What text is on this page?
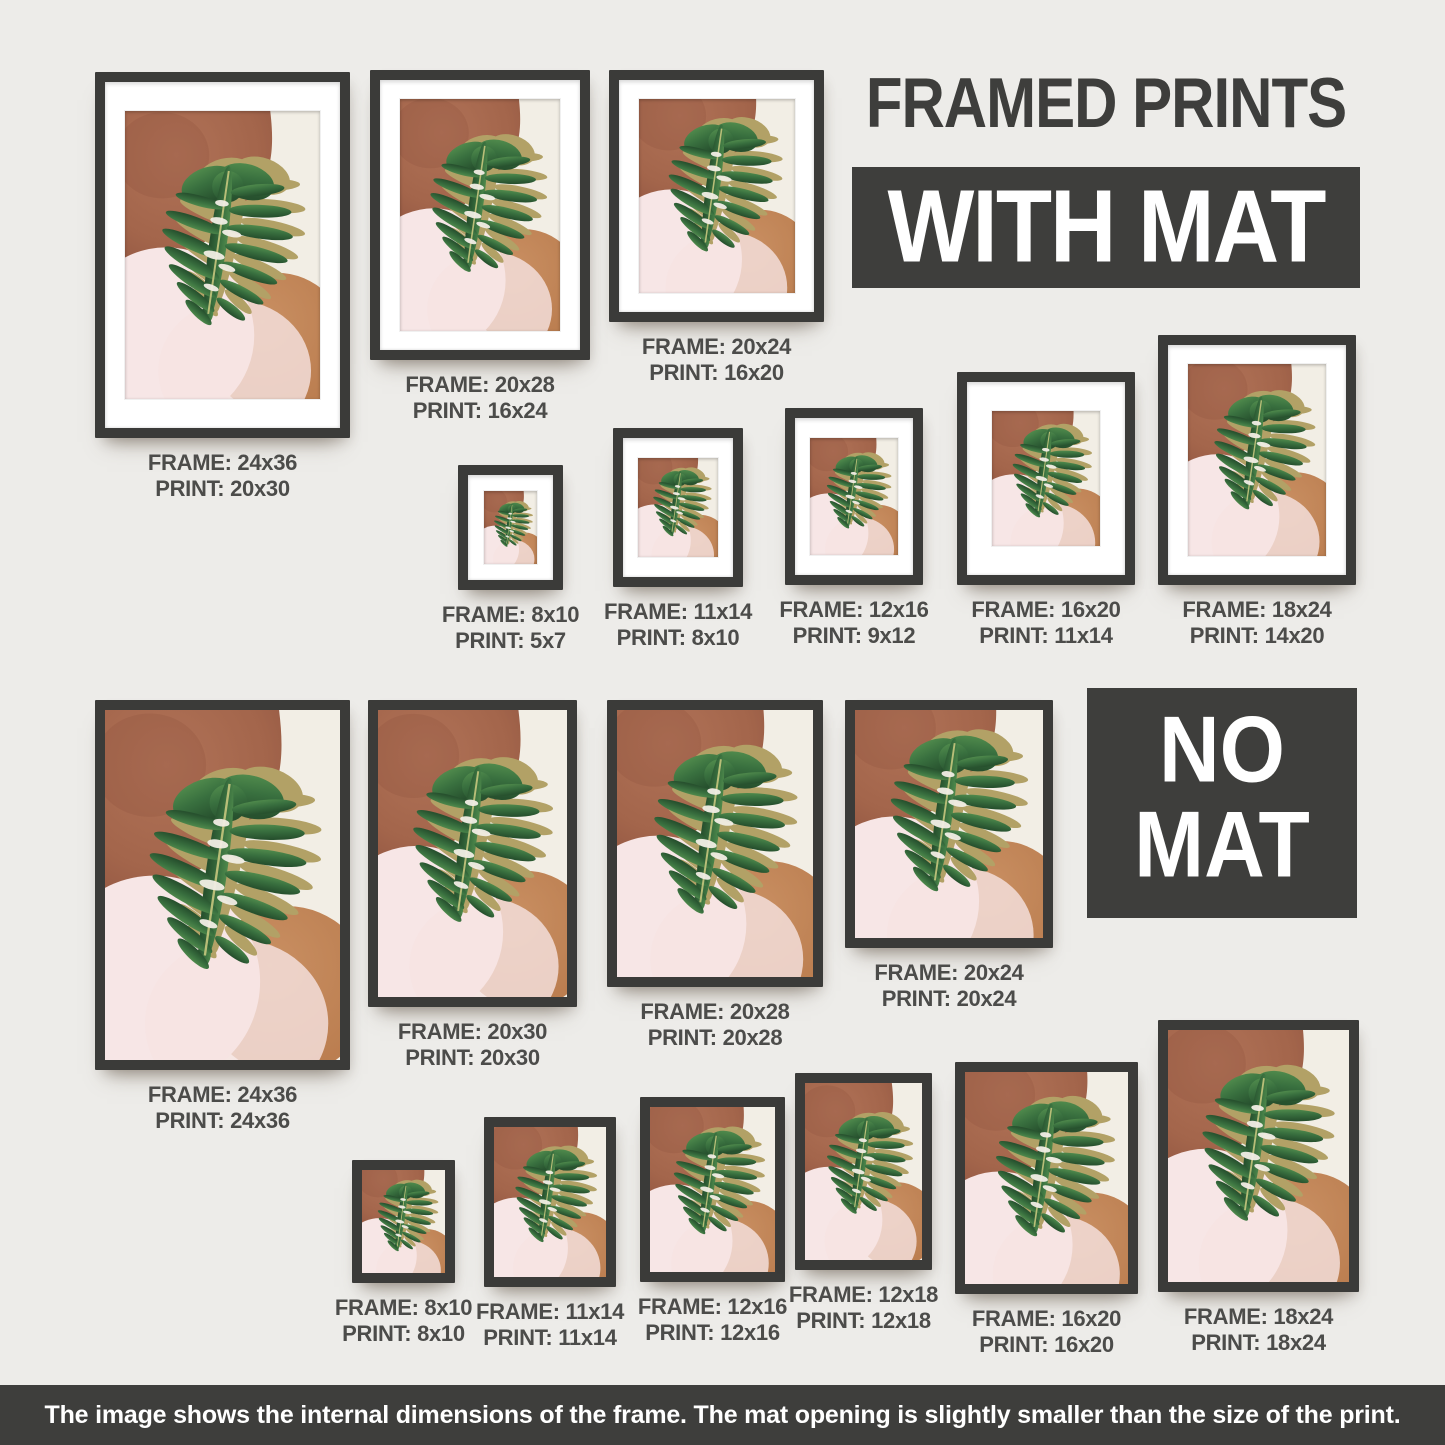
FRAMED PRINTS
WITH MAT
NO
MAT
FRAME: 24x36
PRINT: 20x30
FRAME: 20x28
PRINT: 16x24
FRAME: 20x24
PRINT: 16x20
FRAME: 8x10
PRINT: 5x7
FRAME: 11x14
PRINT: 8x10
FRAME: 12x16
PRINT: 9x12
FRAME: 16x20
PRINT: 11x14
FRAME: 18x24
PRINT: 14x20
FRAME: 24x36
PRINT: 24x36
FRAME: 20x30
PRINT: 20x30
FRAME: 20x28
PRINT: 20x28
FRAME: 20x24
PRINT: 20x24
FRAME: 8x10
PRINT: 8x10
FRAME: 11x14
PRINT: 11x14
FRAME: 12x16
PRINT: 12x16
FRAME: 12x18
PRINT: 12x18	FRAME: 16x20
PRINT: 16x20
FRAME: 18x24
PRINT: 18x24
The image shows the internal dimensions of the frame. The mat opening is slightly smaller than the size of the print.
